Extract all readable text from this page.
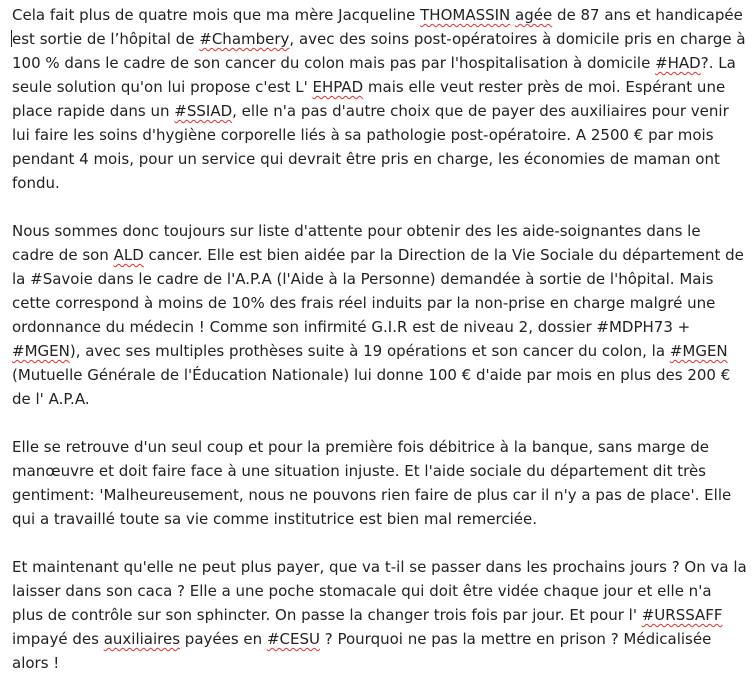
Cela fait plus de quatre mois que ma mère Jacqueline THOMASSIN agée de 87 ans et handicapée est sortie de l’hôpital de #Chambery, avec des soins post-opératoires à domicile pris en charge à 100 % dans le cadre de son cancer du colon mais pas par l'hospitalisation à domicile #HAD?. La seule solution qu'on lui propose c'est L' EHPAD mais elle veut rester près de moi. Espérant une place rapide dans un #SSIAD, elle n'a pas d'autre choix que de payer des auxiliaires pour venir lui faire les soins d'hygiène corporelle liés à sa pathologie post-opératoire. A 2500 € par mois pendant 4 mois, pour un service qui devrait être pris en charge, les économies de maman ont fondu.

Nous sommes donc toujours sur liste d'attente pour obtenir des les aide-soignantes dans le cadre de son ALD cancer. Elle est bien aidée par la Direction de la Vie Sociale du département de la #Savoie dans le cadre de l'A.P.A (l'Aide à la Personne) demandée à sortie de l'hôpital. Mais cette correspond à moins de 10% des frais réel induits par la non-prise en charge malgré une ordonnance du médecin ! Comme son infirmité G.I.R est de niveau 2, dossier #MDPH73 + #MGEN), avec ses multiples prothèses suite à 19 opérations et son cancer du colon, la #MGEN (Mutuelle Générale de l'Éducation Nationale) lui donne 100 € d'aide par mois en plus des 200 € de l' A.P.A.

Elle se retrouve d'un seul coup et pour la première fois débitrice à la banque, sans marge de manœuvre et doit faire face à une situation injuste. Et l'aide sociale du département dit très gentiment: 'Malheureusement, nous ne pouvons rien faire de plus car il n'y a pas de place'. Elle qui a travaillé toute sa vie comme institutrice est bien mal remerciée.

Et maintenant qu'elle ne peut plus payer, que va t-il se passer dans les prochains jours ? On va la laisser dans son caca ? Elle a une poche stomacale qui doit être vidée chaque jour et elle n'a plus de contrôle sur son sphincter. On passe la changer trois fois par jour. Et pour l' #URSSAFF impayé des auxiliaires payées en #CESU ? Pourquoi ne pas la mettre en prison ? Médicalisée alors !
